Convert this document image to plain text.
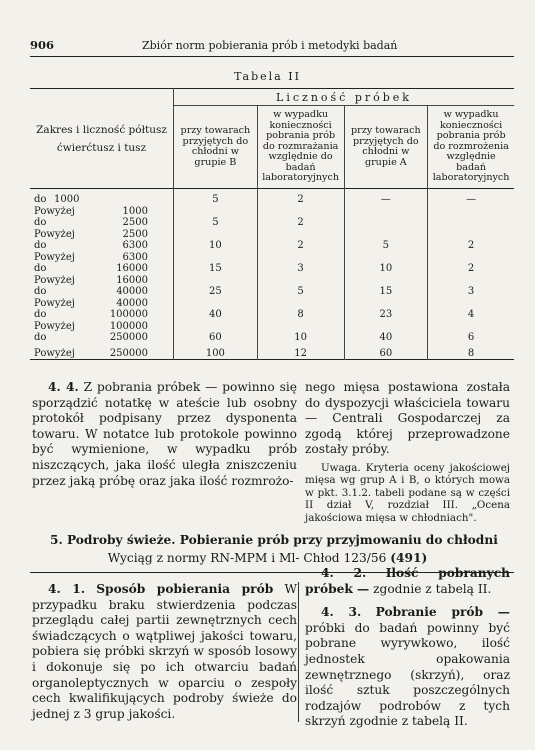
906	Zbiór norm pobierania prób i metodyki badań
Tabela II
Zakres i liczność półtusz ćwierćtusz i tusz	Liczność próbek			
	przy towarach przyjętych do chłodni w grupie B	w wypadku konieczności pobrania prób do rozmrażania względnie do badań laboratoryjnych	przy towarach przyjętych do chłodni w grupie A	w wypadku konieczności pobrania prób do rozmrożenia względnie badań laboratoryjnych

do 1000	5	2	—	—

Powyżej 1000
do 2500	5	2		

Powyżej 2500
do 6300	10	2	5	2

Powyżej 6300
do 16000	15	3	10	2

Powyżej 16000
do 40000	25	5	15	3

Powyżej 40000
do 100000	40	8	23	4

Powyżej 100000
do 250000	60	10	40	6

Powyżej 250000	100	12	60	8

4. 4. Z pobrania próbek — powinno się sporządzić notatkę w ateście lub osobny protokół podpisany przez dysponenta towaru. W notatce lub protokole powinno być wymienione, w wypadku prób niszczących, jaka ilość uległa zniszczeniu przez jaką próbę oraz jaka ilość rozmrożo-

nego mięsa postawiona została do dyspozycji właściciela towaru — Centrali Gospodarczej za zgodą której przeprowadzone zostały próby.

Uwaga. Kryteria oceny jakościowej mięsa wg grup A i B, o których mowa w pkt. 3.1.2. tabeli podane są w części II dział V, rozdział III. „Ocena jakościowa mięsa w chłodniach".

5. Podroby świeże. Pobieranie prób przy przyjmowaniu do chłodni
Wyciąg z normy RN-MPM i Ml- Chłod 123/56 (491)

4. 1. Sposób pobierania prób W przypadku braku stwierdzenia podczas przeglądu całej partii zewnętrznych cech świadczących o wątpliwej jakości towaru, pobiera się próbki skrzyń w sposób losowy i dokonuje się po ich otwarciu badań organoleptycznych w oparciu o zespoły cech kwalifikujących podroby świeże do jednej z 3 grup jakości.

4. 2. Ilość pobranych próbek — zgodnie z tabelą II.

4. 3. Pobranie prób — próbki do badań powinny być pobrane wyrywkowo, ilość jednostek opakowania zewnętrznego (skrzyń), oraz ilość sztuk poszczególnych rodzajów podrobów z tych skrzyń zgodnie z tabelą II.
